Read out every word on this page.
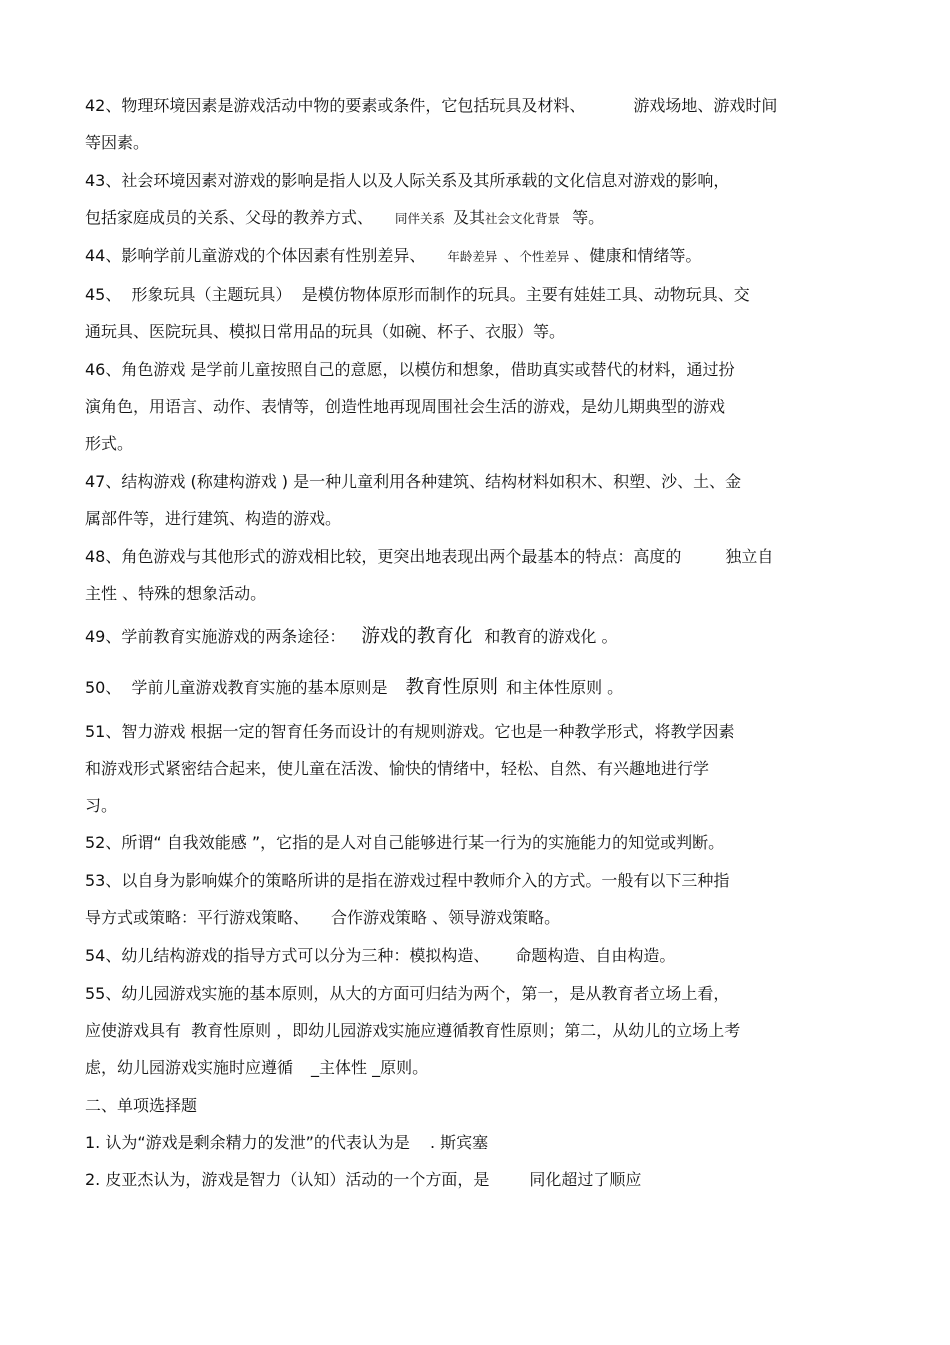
42、物理环境因素是游戏活动中物的要素或条件，它包括玩具及材料、	游戏场地、游戏时间
等因素。
43、社会环境因素对游戏的影响是指人以及人际关系及其所承载的文化信息对游戏的影响，
包括家庭成员的关系、父母的教养方式、 同伴关系 及其社会文化背景 等。
44、影响学前儿童游戏的个体因素有性别差异、 年龄差异 、个性差异 、健康和情绪等。
45、  形象玩具（主题玩具）  是模仿物体原形而制作的玩具。主要有娃娃工具、动物玩具、交
通玩具、医院玩具、模拟日常用品的玩具（如碗、杯子、衣服）等。
46、角色游戏 是学前儿童按照自己的意愿，以模仿和想象，借助真实或替代的材料，通过扮
演角色，用语言、动作、表情等，创造性地再现周围社会生活的游戏，是幼儿期典型的游戏
形式。
47、结构游戏 (称建构游戏 ) 是一种儿童利用各种建筑、结构材料如积木、积塑、沙、土、金
属部件等，进行建筑、构造的游戏。
48、角色游戏与其他形式的游戏相比较，更突出地表现出两个最基本的特点：高度的	独立自
主性 、特殊的想象活动。
49、学前教育实施游戏的两条途径： 游戏的教育化 和教育的游戏化 。
50、  学前儿童游戏教育实施的基本原则是 教育性原则 和主体性原则 。
51、智力游戏 根据一定的智育任务而设计的有规则游戏。它也是一种教学形式，将教学因素
和游戏形式紧密结合起来，使儿童在活泼、愉快的情绪中，轻松、自然、有兴趣地进行学
习。
52、所谓“ 自我效能感 ”，它指的是人对自己能够进行某一行为的实施能力的知觉或判断。
53、以自身为影响媒介的策略所讲的是指在游戏过程中教师介入的方式。一般有以下三种指
导方式或策略：平行游戏策略、 合作游戏策略 、领导游戏策略。
54、幼儿结构游戏的指导方式可以分为三种：模拟构造、 命题构造、自由构造。
55、幼儿园游戏实施的基本原则，从大的方面可归结为两个，第一，是从教育者立场上看，
应使游戏具有  教育性原则 ，即幼儿园游戏实施应遵循教育性原则；第二，从幼儿的立场上考
虑，幼儿园游戏实施时应遵循 _主体性 _原则。
二、单项选择题
1. 认为“游戏是剩余精力的发泄”的代表认为是 . 斯宾塞
2. 皮亚杰认为，游戏是智力（认知）活动的一个方面，是	同化超过了顺应
